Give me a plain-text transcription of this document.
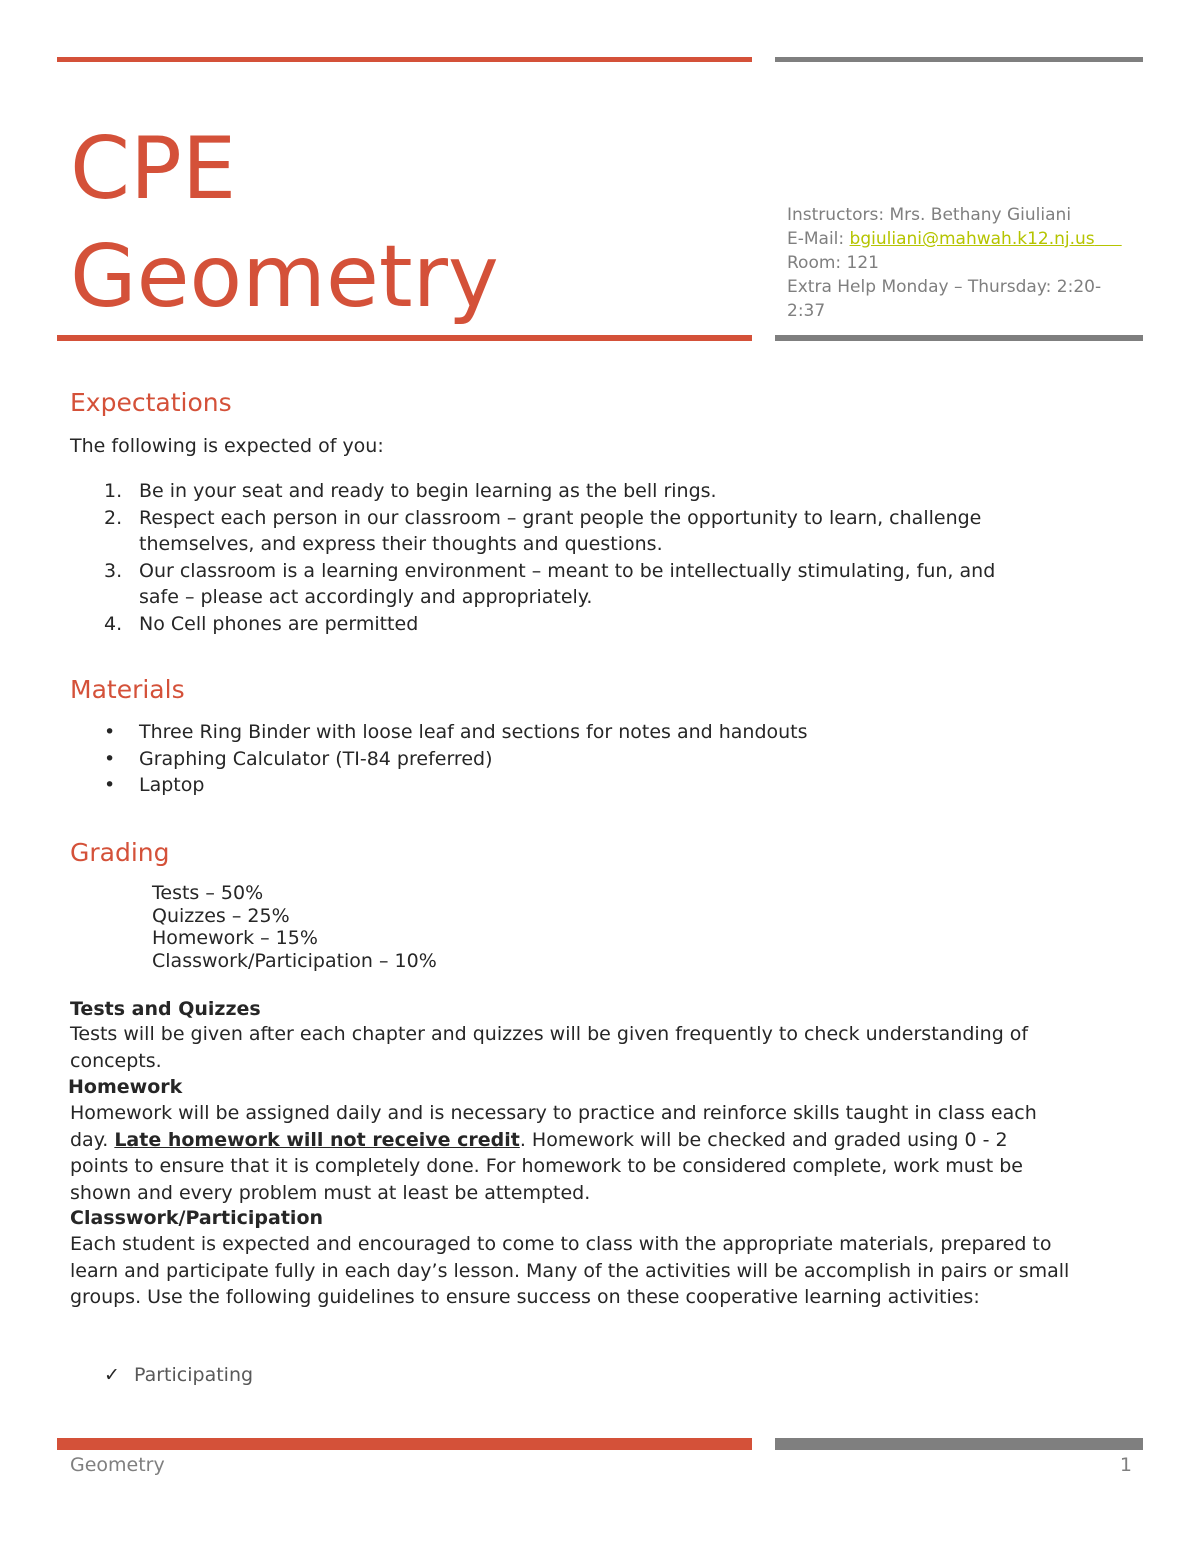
CPE
Geometry
Instructors: Mrs. Bethany Giuliani
E-Mail: bgiuliani@mahwah.k12.nj.us
Room: 121
Extra Help Monday – Thursday: 2:20-2:37
Expectations
The following is expected of you:
1. Be in your seat and ready to begin learning as the bell rings.
2. Respect each person in our classroom – grant people the opportunity to learn, challenge themselves, and express their thoughts and questions.
3. Our classroom is a learning environment – meant to be intellectually stimulating, fun, and safe – please act accordingly and appropriately.
4. No Cell phones are permitted
Materials
• Three Ring Binder with loose leaf and sections for notes and handouts
• Graphing Calculator (TI-84 preferred)
• Laptop
Grading
Tests – 50%
Quizzes – 25%
Homework – 15%
Classwork/Participation – 10%
Tests and Quizzes
Tests will be given after each chapter and quizzes will be given frequently to check understanding of concepts.
Homework
Homework will be assigned daily and is necessary to practice and reinforce skills taught in class each day. Late homework will not receive credit. Homework will be checked and graded using 0 - 2 points to ensure that it is completely done. For homework to be considered complete, work must be shown and every problem must at least be attempted.
Classwork/Participation
Each student is expected and encouraged to come to class with the appropriate materials, prepared to learn and participate fully in each day’s lesson. Many of the activities will be accomplish in pairs or small groups. Use the following guidelines to ensure success on these cooperative learning activities:
✓ Participating
Geometry	1
